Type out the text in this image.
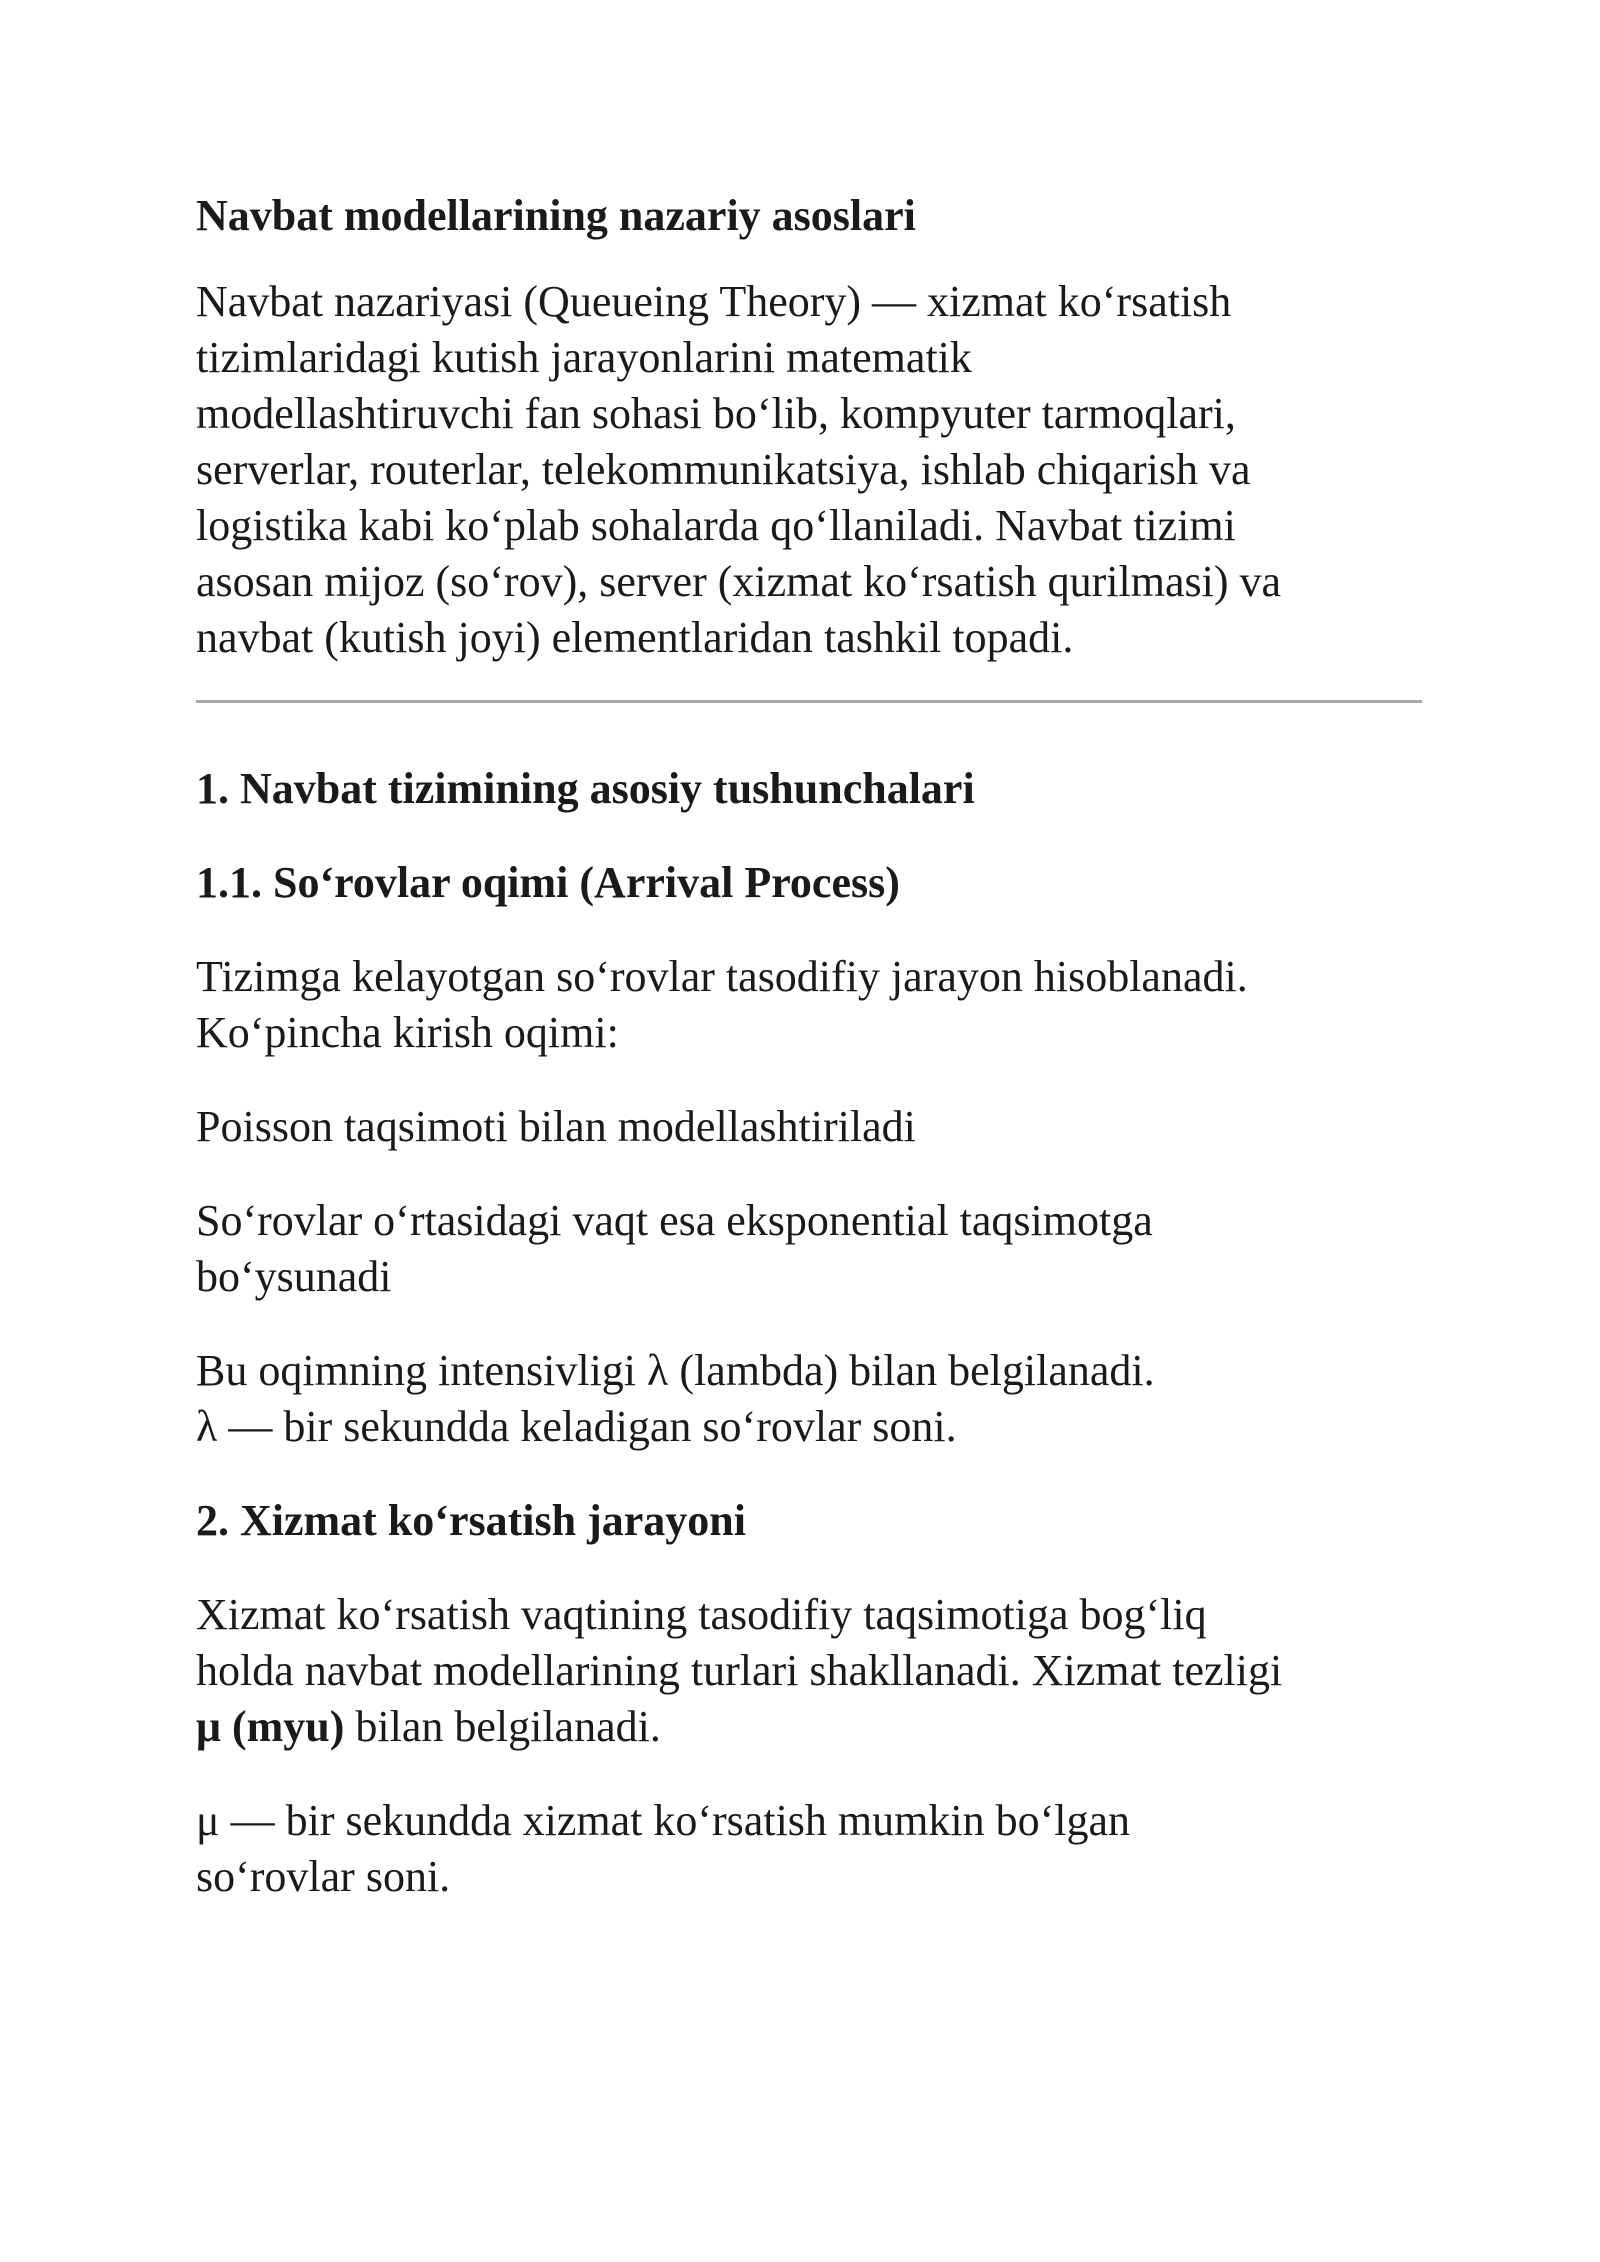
Navbat modellarining nazariy asoslari

Navbat nazariyasi (Queueing Theory) — xizmat ko‘rsatish
tizimlaridagi kutish jarayonlarini matematik
modellashtiruvchi fan sohasi bo‘lib, kompyuter tarmoqlari,
serverlar, routerlar, telekommunikatsiya, ishlab chiqarish va
logistika kabi ko‘plab sohalarda qo‘llaniladi. Navbat tizimi
asosan mijoz (so‘rov), server (xizmat ko‘rsatish qurilmasi) va
navbat (kutish joyi) elementlaridan tashkil topadi.

1. Navbat tizimining asosiy tushunchalari
1.1. So‘rovlar oqimi (Arrival Process)

Tizimga kelayotgan so‘rovlar tasodifiy jarayon hisoblanadi.
Ko‘pincha kirish oqimi:

Poisson taqsimoti bilan modellashtiriladi

So‘rovlar o‘rtasidagi vaqt esa eksponential taqsimotga
bo‘ysunadi

Bu oqimning intensivligi λ (lambda) bilan belgilanadi.
λ — bir sekundda keladigan so‘rovlar soni.

2. Xizmat ko‘rsatish jarayoni

Xizmat ko‘rsatish vaqtining tasodifiy taqsimotiga bog‘liq
holda navbat modellarining turlari shakllanadi. Xizmat tezligi
μ (myu) bilan belgilanadi.

μ — bir sekundda xizmat ko‘rsatish mumkin bo‘lgan
so‘rovlar soni.
